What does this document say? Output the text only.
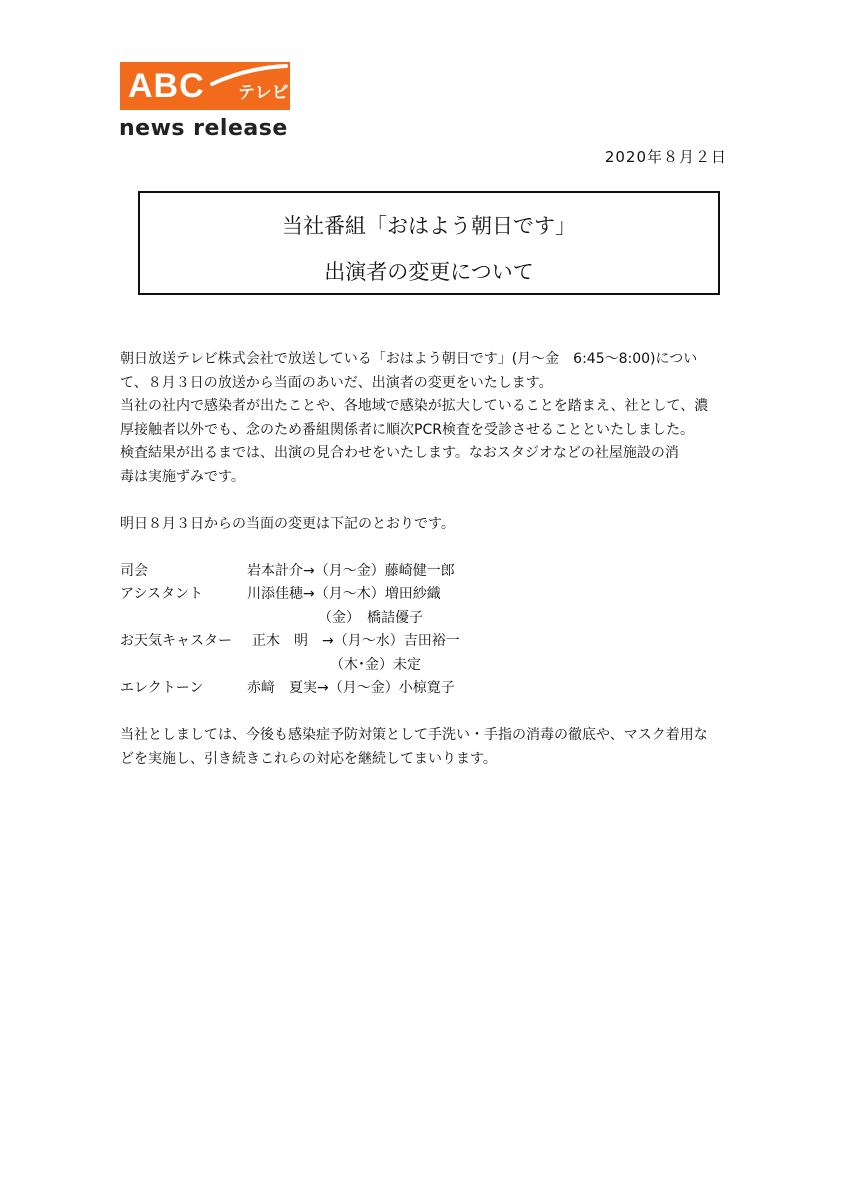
ABC テレビ
news release
2020年８月２日
当社番組「おはよう朝日です」
出演者の変更について
朝日放送テレビ株式会社で放送している「おはよう朝日です」(月～金　6:45～8:00)につい
て、８月３日の放送から当面のあいだ、出演者の変更をいたします。
当社の社内で感染者が出たことや、各地域で感染が拡大していることを踏まえ、社として、濃
厚接触者以外でも、念のため番組関係者に順次PCR検査を受診させることといたしました。
検査結果が出るまでは、出演の見合わせをいたします。なおスタジオなどの社屋施設の消
毒は実施ずみです。
明日８月３日からの当面の変更は下記のとおりです。
司会	岩本計介→（月～金）藤崎健一郎
アシスタント	川添佳穂→（月～木）増田紗織
（金）　橋詰優子
お天気キャスター 正木　明　→（月～水）吉田裕一
（木･金）未定
エレクトーン	赤﨑　夏実→（月～金）小椋寛子
当社としましては、今後も感染症予防対策として手洗い・手指の消毒の徹底や、マスク着用な
どを実施し、引き続きこれらの対応を継続してまいります。
